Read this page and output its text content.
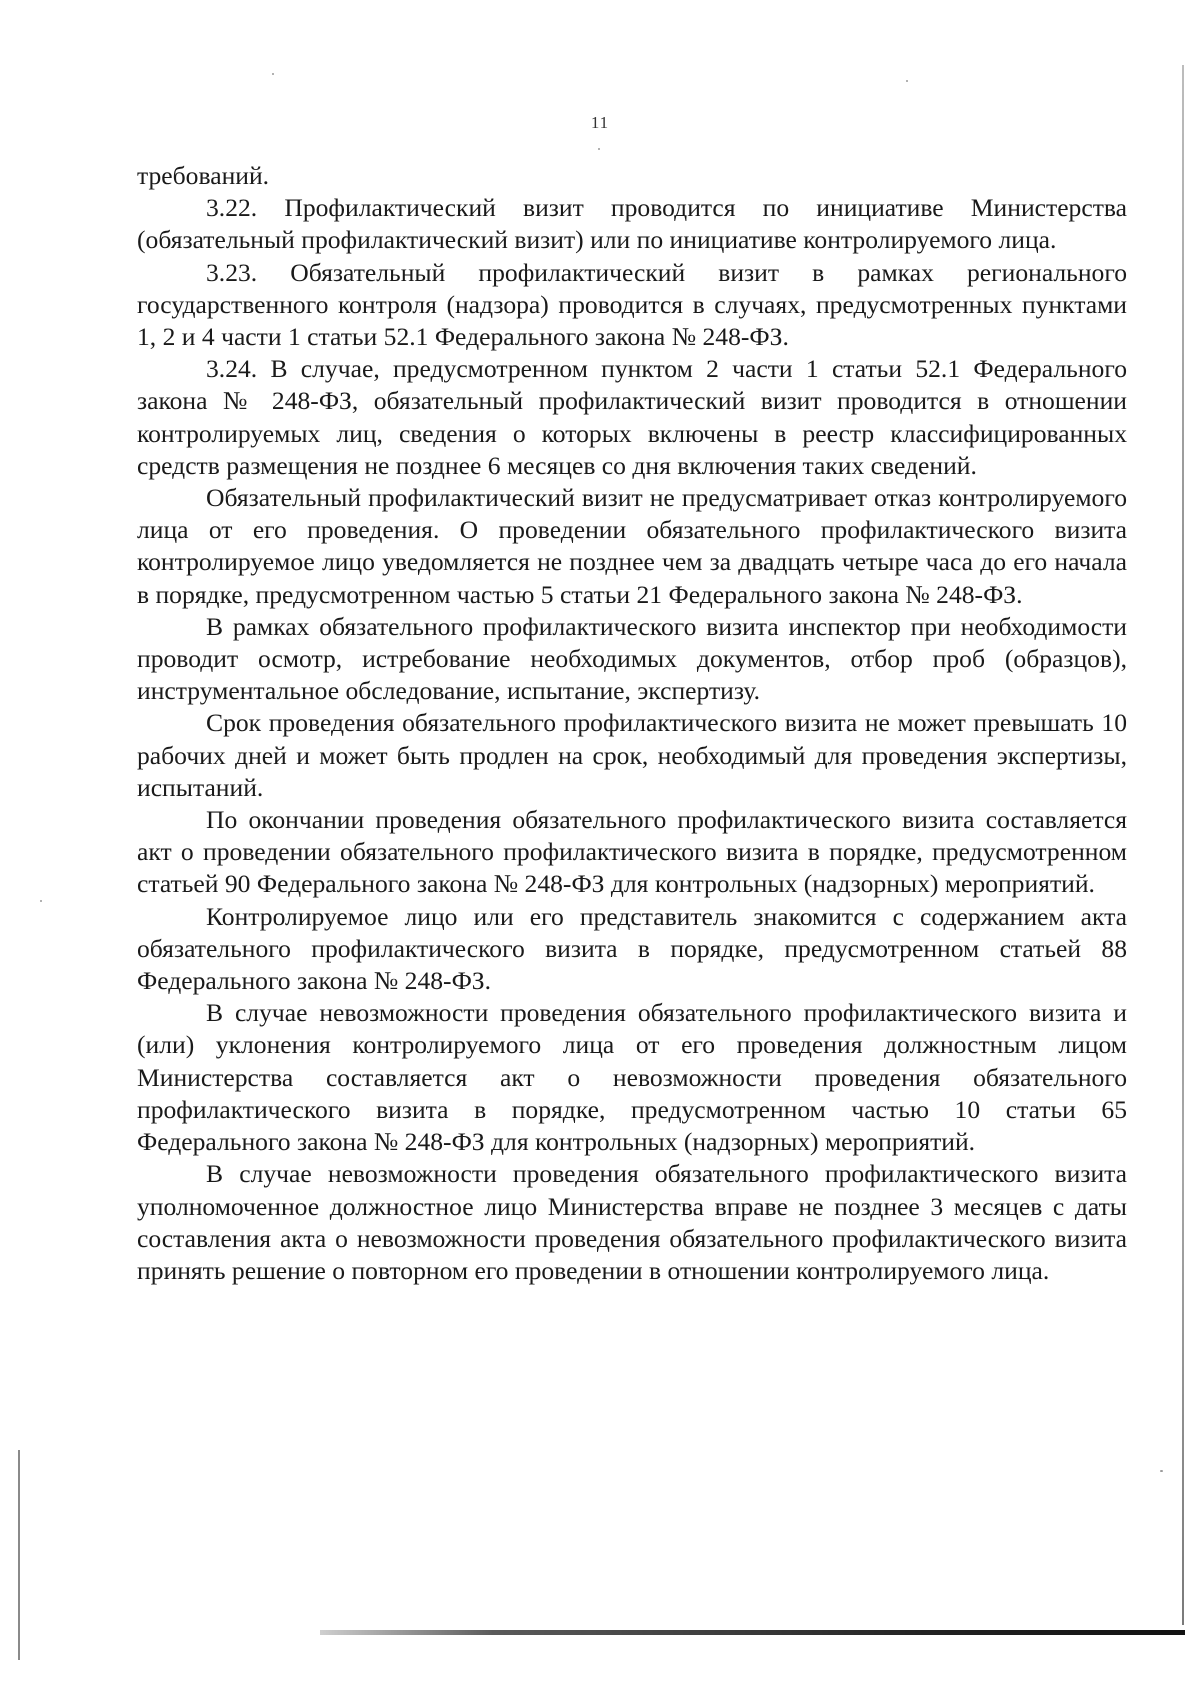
11

требований.

3.22. Профилактический визит проводится по инициативе Министерства (обязательный профилактический визит) или по инициативе контролируемого лица.

3.23. Обязательный профилактический визит в рамках регионального государственного контроля (надзора) проводится в случаях, предусмотренных пунктами 1, 2 и 4 части 1 статьи 52.1 Федерального закона № 248-ФЗ.

3.24. В случае, предусмотренном пунктом 2 части 1 статьи 52.1 Федерального закона № 248-ФЗ, обязательный профилактический визит проводится в отношении контролируемых лиц, сведения о которых включены в реестр классифицированных средств размещения не позднее 6 месяцев со дня включения таких сведений.

Обязательный профилактический визит не предусматривает отказ контролируемого лица от его проведения. О проведении обязательного профилактического визита контролируемое лицо уведомляется не позднее чем за двадцать четыре часа до его начала в порядке, предусмотренном частью 5 статьи 21 Федерального закона № 248-ФЗ.

В рамках обязательного профилактического визита инспектор при необходимости проводит осмотр, истребование необходимых документов, отбор проб (образцов), инструментальное обследование, испытание, экспертизу.

Срок проведения обязательного профилактического визита не может превышать 10 рабочих дней и может быть продлен на срок, необходимый для проведения экспертизы, испытаний.

По окончании проведения обязательного профилактического визита составляется акт о проведении обязательного профилактического визита в порядке, предусмотренном статьей 90 Федерального закона № 248-ФЗ для контрольных (надзорных) мероприятий.

Контролируемое лицо или его представитель знакомится с содержанием акта обязательного профилактического визита в порядке, предусмотренном статьей 88 Федерального закона № 248-ФЗ.

В случае невозможности проведения обязательного профилактического визита и (или) уклонения контролируемого лица от его проведения должностным лицом Министерства составляется акт о невозможности проведения обязательного профилактического визита в порядке, предусмотренном частью 10 статьи 65 Федерального закона № 248-ФЗ для контрольных (надзорных) мероприятий.

В случае невозможности проведения обязательного профилактического визита уполномоченное должностное лицо Министерства вправе не позднее 3 месяцев с даты составления акта о невозможности проведения обязательного профилактического визита принять решение о повторном его проведении в отношении контролируемого лица.
